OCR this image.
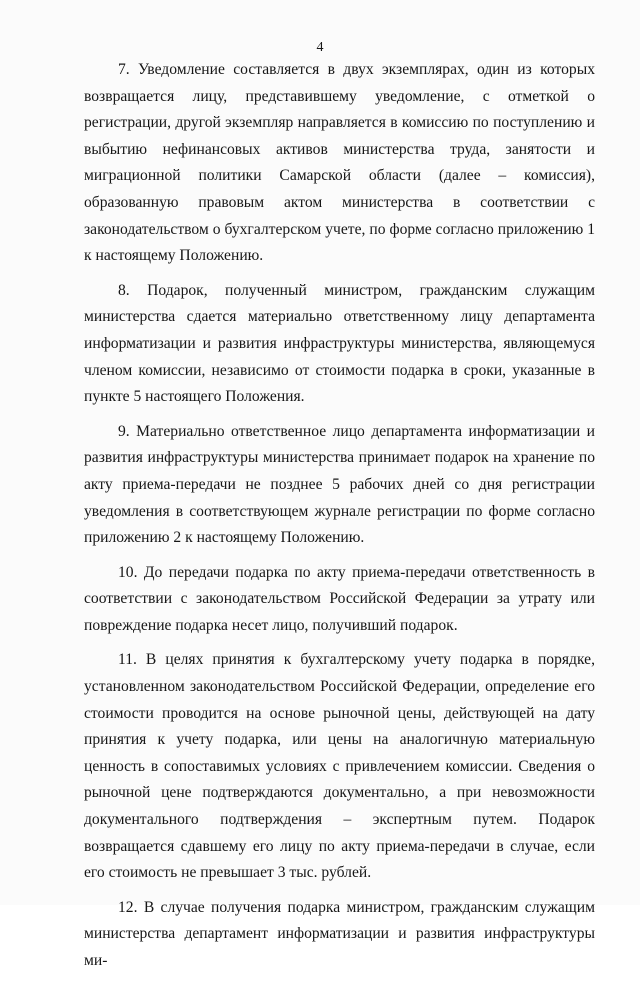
4

7. Уведомление составляется в двух экземплярах, один из которых возвращается лицу, представившему уведомление, с отметкой о регистрации, другой экземпляр направляется в комиссию по поступлению и выбытию нефинансовых активов министерства труда, занятости и миграционной политики Самарской области (далее – комиссия), образованную правовым актом министерства в соответствии с законодательством о бухгалтерском учете, по форме согласно приложению 1 к настоящему Положению.

8. Подарок, полученный министром, гражданским служащим министерства сдается материально ответственному лицу департамента информатизации и развития инфраструктуры министерства, являющемуся членом комиссии, независимо от стоимости подарка в сроки, указанные в пункте 5 настоящего Положения.

9. Материально ответственное лицо департамента информатизации и развития инфраструктуры министерства принимает подарок на хранение по акту приема-передачи не позднее 5 рабочих дней со дня регистрации уведомления в соответствующем журнале регистрации по форме согласно приложению 2 к настоящему Положению.

10. До передачи подарка по акту приема-передачи ответственность в соответствии с законодательством Российской Федерации за утрату или повреждение подарка несет лицо, получивший подарок.

11. В целях принятия к бухгалтерскому учету подарка в порядке, установленном законодательством Российской Федерации, определение его стоимости проводится на основе рыночной цены, действующей на дату принятия к учету подарка, или цены на аналогичную материальную ценность в сопоставимых условиях с привлечением комиссии. Сведения о рыночной цене подтверждаются документально, а при невозможности документального подтверждения – экспертным путем. Подарок возвращается сдавшему его лицу по акту приема-передачи в случае, если его стоимость не превышает 3 тыс. рублей.

12. В случае получения подарка министром, гражданским служащим министерства департамент информатизации и развития инфраструктуры ми-
